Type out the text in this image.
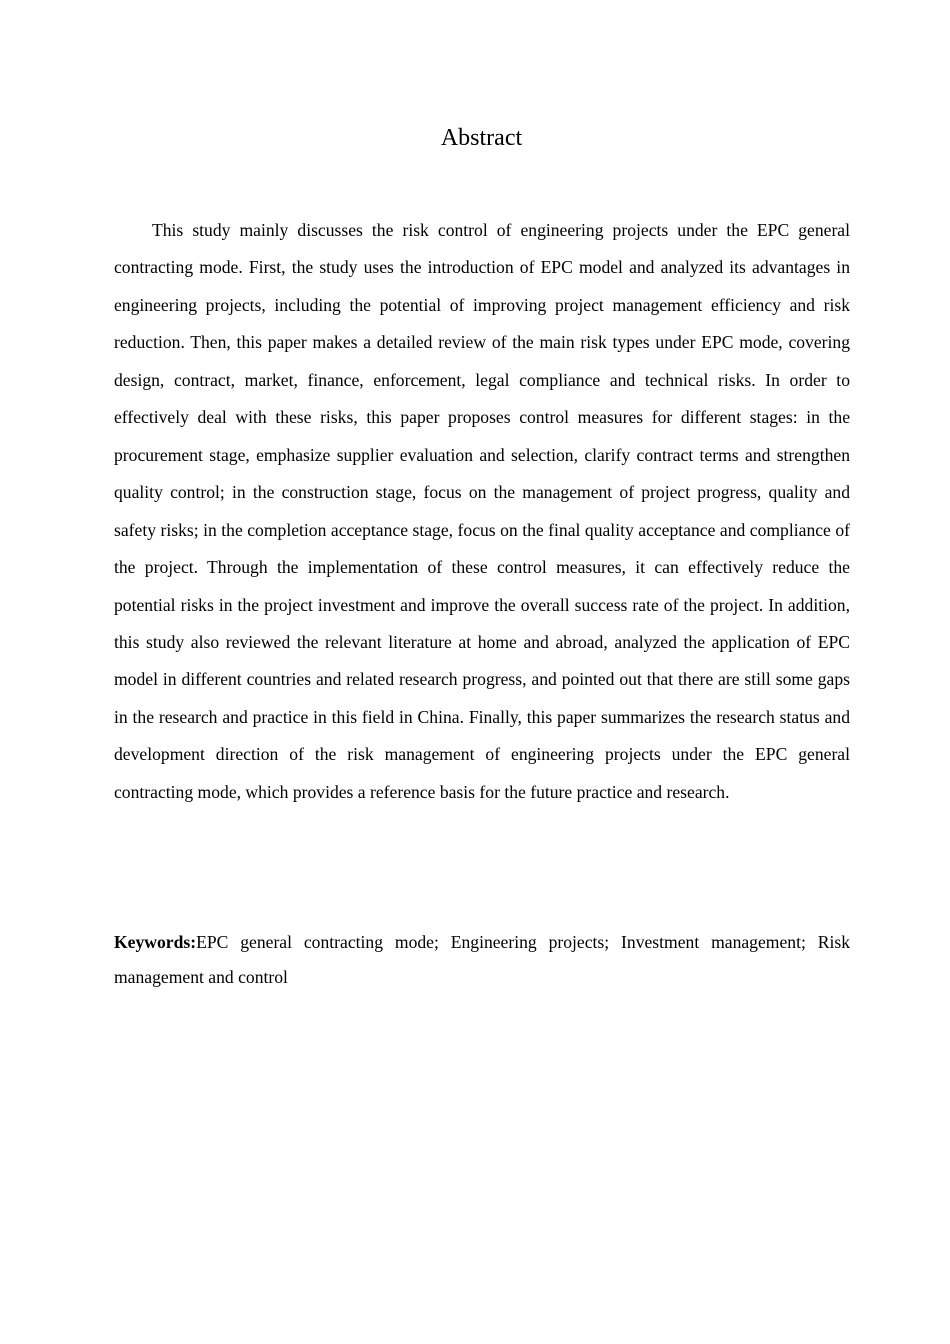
Abstract

This study mainly discusses the risk control of engineering projects under the EPC general contracting mode. First, the study uses the introduction of EPC model and analyzed its advantages in engineering projects, including the potential of improving project management efficiency and risk reduction. Then, this paper makes a detailed review of the main risk types under EPC mode, covering design, contract, market, finance, enforcement, legal compliance and technical risks. In order to effectively deal with these risks, this paper proposes control measures for different stages: in the procurement stage, emphasize supplier evaluation and selection, clarify contract terms and strengthen quality control; in the construction stage, focus on the management of project progress, quality and safety risks; in the completion acceptance stage, focus on the final quality acceptance and compliance of the project. Through the implementation of these control measures, it can effectively reduce the potential risks in the project investment and improve the overall success rate of the project. In addition, this study also reviewed the relevant literature at home and abroad, analyzed the application of EPC model in different countries and related research progress, and pointed out that there are still some gaps in the research and practice in this field in China. Finally, this paper summarizes the research status and development direction of the risk management of engineering projects under the EPC general contracting mode, which provides a reference basis for the future practice and research.

Keywords:EPC general contracting mode; Engineering projects; Investment management; Risk management and control
